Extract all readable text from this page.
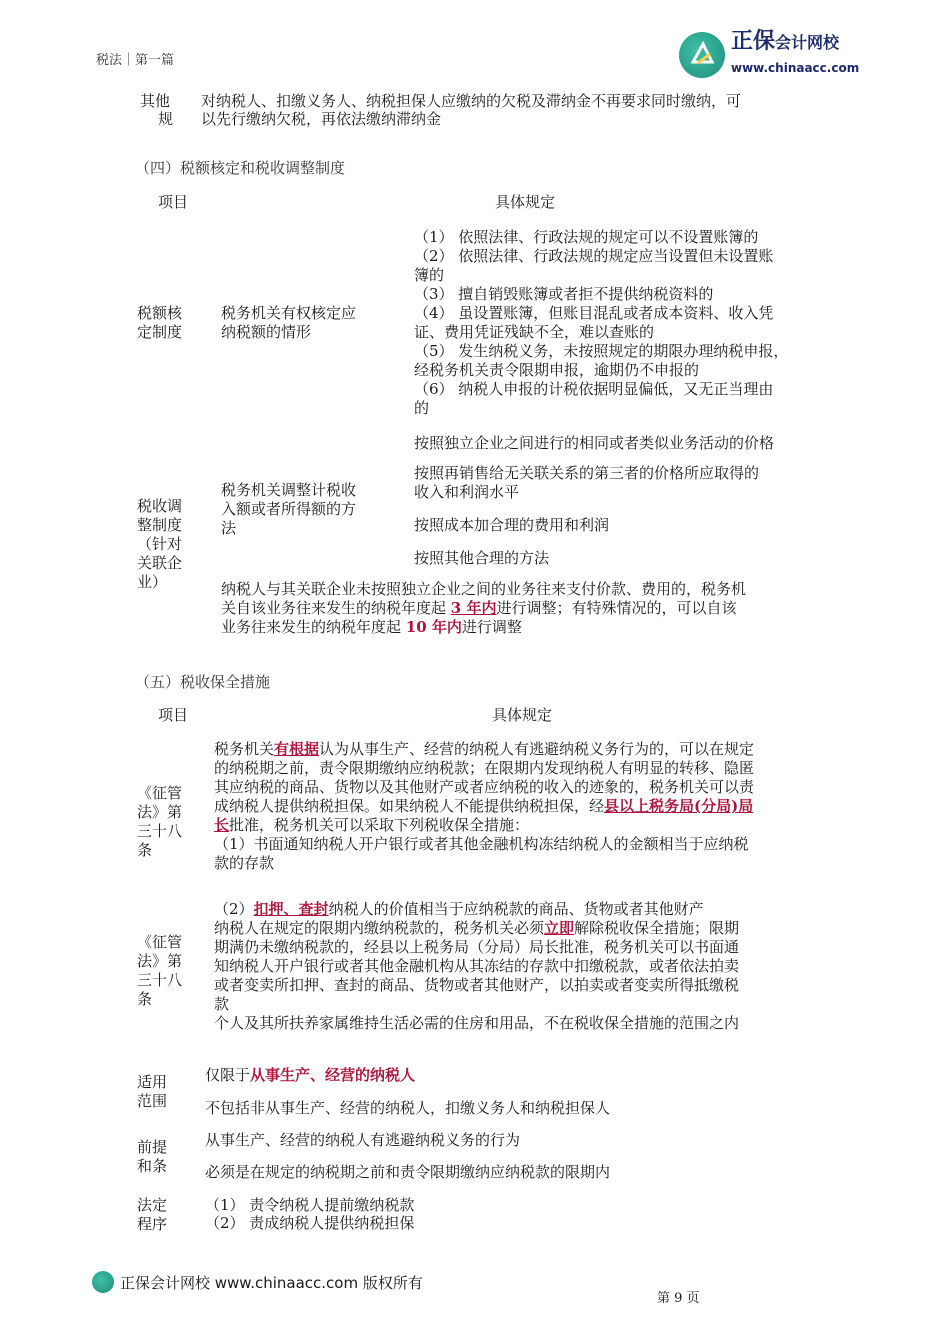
税法｜第一篇
正保会计网校
www.chinaacc.com
其他
规
对纳税人、扣缴义务人、纳税担保人应缴纳的欠税及滞纳金不再要求同时缴纳，可
以先行缴纳欠税，再依法缴纳滞纳金
（四）税额核定和税收调整制度
项目	具体规定
税额核
定制度
税务机关有权核定应
纳税额的情形
（1） 依照法律、行政法规的规定可以不设置账簿的
（2） 依照法律、行政法规的规定应当设置但未设置账
簿的
（3） 擅自销毁账簿或者拒不提供纳税资料的
（4） 虽设置账簿，但账目混乱或者成本资料、收入凭
证、费用凭证残缺不全，难以查账的
（5） 发生纳税义务，未按照规定的期限办理纳税申报，
经税务机关责令限期申报，逾期仍不申报的
（6） 纳税人申报的计税依据明显偏低，又无正当理由
的
税收调
整制度
（针对
关联企
业）
税务机关调整计税收
入额或者所得额的方
法
按照独立企业之间进行的相同或者类似业务活动的价格
按照再销售给无关联关系的第三者的价格所应取得的
收入和利润水平
按照成本加合理的费用和利润
按照其他合理的方法
纳税人与其关联企业未按照独立企业之间的业务往来支付价款、费用的，税务机
关自该业务往来发生的纳税年度起 3 年内进行调整；有特殊情况的，可以自该
业务往来发生的纳税年度起 10 年内进行调整
（五）税收保全措施
项目	具体规定
《征管
法》第
三十八
条
税务机关有根据认为从事生产、经营的纳税人有逃避纳税义务行为的，可以在规定
的纳税期之前，责令限期缴纳应纳税款；在限期内发现纳税人有明显的转移、隐匿
其应纳税的商品、货物以及其他财产或者应纳税的收入的迹象的，税务机关可以责
成纳税人提供纳税担保。如果纳税人不能提供纳税担保，经县以上税务局(分局)局
长批准，税务机关可以采取下列税收保全措施：
（1）书面通知纳税人开户银行或者其他金融机构冻结纳税人的金额相当于应纳税
款的存款
《征管
法》第
三十八
条
（2）扣押、查封纳税人的价值相当于应纳税款的商品、货物或者其他财产
纳税人在规定的限期内缴纳税款的，税务机关必须立即解除税收保全措施；限期
期满仍未缴纳税款的，经县以上税务局（分局）局长批准，税务机关可以书面通
知纳税人开户银行或者其他金融机构从其冻结的存款中扣缴税款，或者依法拍卖
或者变卖所扣押、查封的商品、货物或者其他财产，以拍卖或者变卖所得抵缴税
款
个人及其所扶养家属维持生活必需的住房和用品，不在税收保全措施的范围之内
适用
范围
仅限于从事生产、经营的纳税人
不包括非从事生产、经营的纳税人，扣缴义务人和纳税担保人
前提
和条
从事生产、经营的纳税人有逃避纳税义务的行为
必须是在规定的纳税期之前和责令限期缴纳应纳税款的限期内
法定
程序
（1） 责令纳税人提前缴纳税款
（2） 责成纳税人提供纳税担保
正保会计网校 www.chinaacc.com 版权所有
第 9 页
